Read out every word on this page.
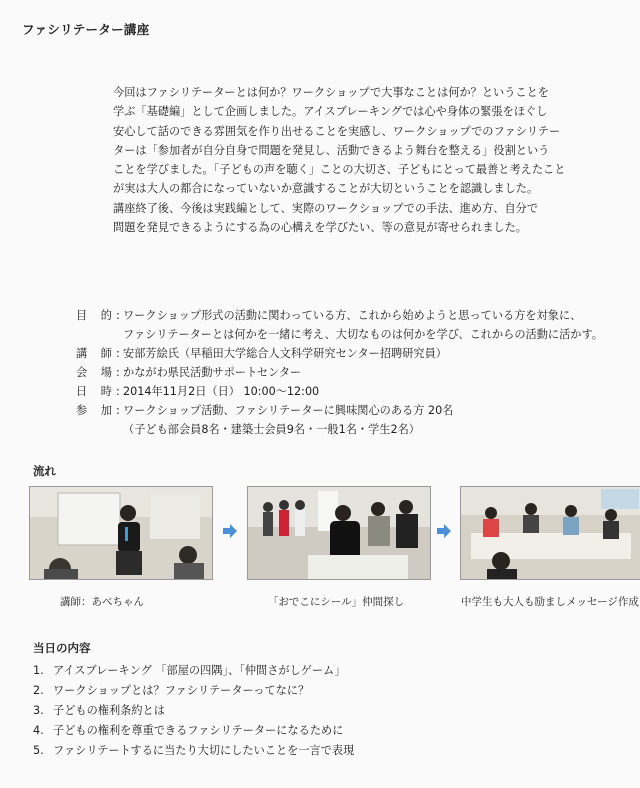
ファシリテーター講座

今回はファシリテーターとは何か？ワークショップで大事なことは何か？ということを

学ぶ「基礎編」として企画しました。アイスブレーキングでは心や身体の緊張をほぐし

安心して話のできる雰囲気を作り出せることを実感し、ワークショップでのファシリテー

ターは「参加者が自分自身で問題を発見し、活動できるよう舞台を整える」役割という

ことを学びました。「子どもの声を聴く」ことの大切さ、子どもにとって最善と考えたこと

が実は大人の都合になっていないか意識することが大切ということを認識しました。

講座終了後、今後は実践編として、実際のワークショップでの手法、進め方、自分で

問題を発見できるようにする為の心構えを学びたい、等の意見が寄せられました。

目 的 : ワークショップ形式の活動に関わっている方、これから始めようと思っている方を対象に、
ファシリテーターとは何かを一緒に考え、大切なものは何かを学び、これからの活動に活かす。
講 師 : 安部芳絵氏（早稲田大学総合人文科学研究センター招聘研究員）
会 場 : かながわ県民活動サポートセンター
日 時 : 2014年11月2日（日） 10:00～12:00
参 加 : ワークショップ活動、ファシリテーターに興味関心のある方 20名
（子ども部会員8名・建築士会員9名・一般1名・学生2名）
流れ
講師：あべちゃん	「おでこにシール」仲間探し	中学生も大人も励ましメッセージ作成
当日の内容
1. アイスブレーキング 「部屋の四隅」、「仲間さがしゲーム」
2. ワークショップとは？ファシリテーターってなに？
3. 子どもの権利条約とは
4. 子どもの権利を尊重できるファシリテーターになるために
5. ファシリテートするに当たり大切にしたいことを一言で表現
